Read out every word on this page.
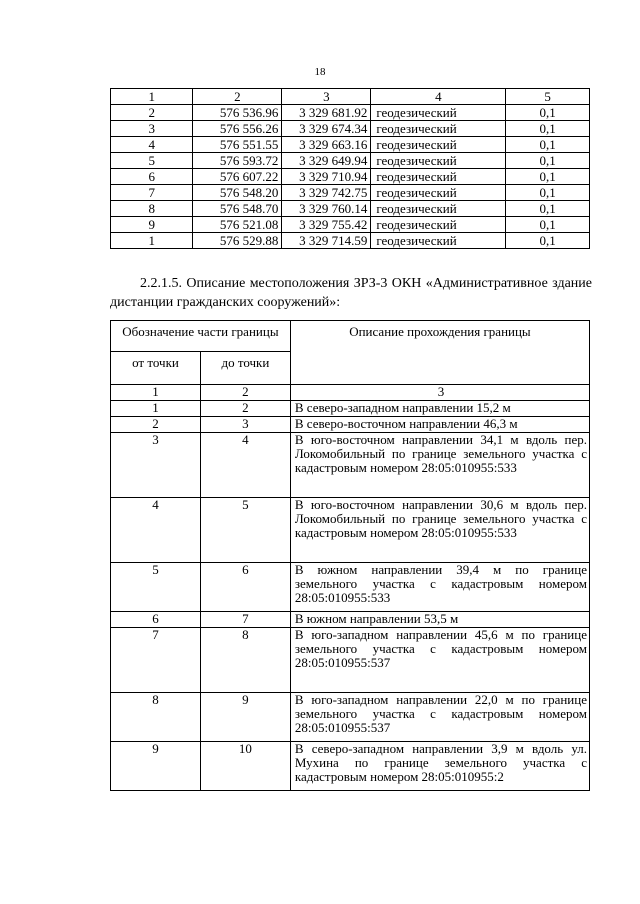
18
1	2	3	4	5
2	576 536.96	3 329 681.92	геодезический	0,1
3	576 556.26	3 329 674.34	геодезический	0,1
4	576 551.55	3 329 663.16	геодезический	0,1
5	576 593.72	3 329 649.94	геодезический	0,1
6	576 607.22	3 329 710.94	геодезический	0,1
7	576 548.20	3 329 742.75	геодезический	0,1
8	576 548.70	3 329 760.14	геодезический	0,1
9	576 521.08	3 329 755.42	геодезический	0,1
1	576 529.88	3 329 714.59	геодезический	0,1
2.2.1.5. Описание местоположения ЗРЗ-3 ОКН «Административное здание дистанции гражданских сооружений»:
Обозначение части границы		Описание прохождения границы
от точки	до точки	
1	2	3
1	2	В северо-западном направлении 15,2 м
2	3	В северо-восточном направлении 46,3 м
3	4	В юго-восточном направлении 34,1 м вдоль пер. Локомобильный по границе земельного участка с кадастровым номером 28:05:010955:533
4	5	В юго-восточном направлении 30,6 м вдоль пер. Локомобильный по границе земельного участка с кадастровым номером 28:05:010955:533
5	6	В южном направлении 39,4 м по границе земельного участка с кадастровым номером 28:05:010955:533
6	7	В южном направлении 53,5 м
7	8	В юго-западном направлении 45,6 м по границе земельного участка с кадастровым номером 28:05:010955:537
8	9	В юго-западном направлении 22,0 м по границе земельного участка с кадастровым номером 28:05:010955:537
9	10	В северо-западном направлении 3,9 м вдоль ул. Мухина по границе земельного участка с кадастровым номером 28:05:010955:2
